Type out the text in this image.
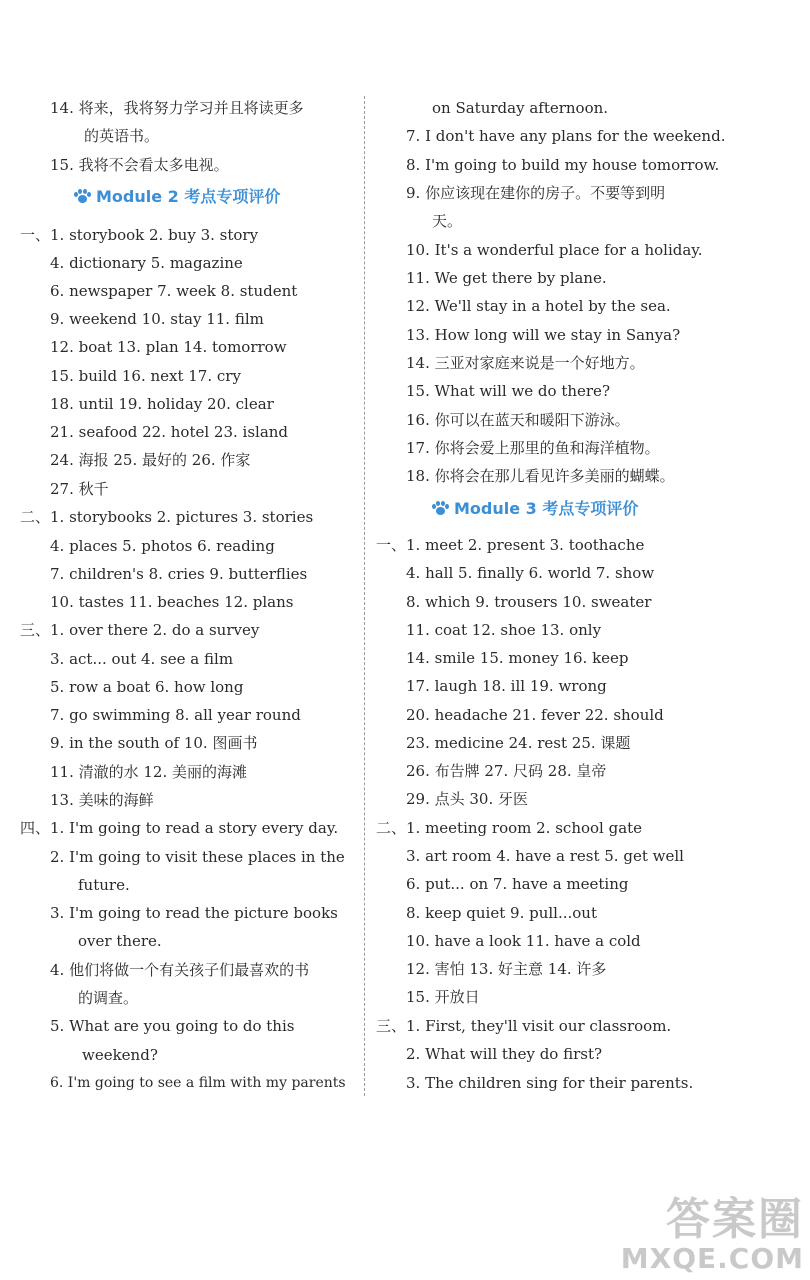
14. 将来，我将努力学习并且将读更多
的英语书。
15. 我将不会看太多电视。
Module 2 考点专项评价
一、1. storybook 2. buy 3. story
4. dictionary 5. magazine
6. newspaper 7. week 8. student
9. weekend 10. stay 11. film
12. boat 13. plan 14. tomorrow
15. build 16. next 17. cry
18. until 19. holiday 20. clear
21. seafood 22. hotel 23. island
24. 海报 25. 最好的 26. 作家
27. 秋千
二、1. storybooks 2. pictures 3. stories
4. places 5. photos 6. reading
7. children's 8. cries 9. butterflies
10. tastes 11. beaches 12. plans
三、1. over there 2. do a survey
3. act... out 4. see a film
5. row a boat 6. how long
7. go swimming 8. all year round
9. in the south of 10. 图画书
11. 清澈的水 12. 美丽的海滩
13. 美味的海鲜
四、1. I'm going to read a story every day.
2. I'm going to visit these places in the
future.
3. I'm going to read the picture books
over there.
4. 他们将做一个有关孩子们最喜欢的书
的调查。
5. What are you going to do this
weekend?
6. I'm going to see a film with my parents
on Saturday afternoon.
7. I don't have any plans for the weekend.
8. I'm going to build my house tomorrow.
9. 你应该现在建你的房子。不要等到明
天。
10. It's a wonderful place for a holiday.
11. We get there by plane.
12. We'll stay in a hotel by the sea.
13. How long will we stay in Sanya?
14. 三亚对家庭来说是一个好地方。
15. What will we do there?
16. 你可以在蓝天和暖阳下游泳。
17. 你将会爱上那里的鱼和海洋植物。
18. 你将会在那儿看见许多美丽的蝴蝶。
Module 3 考点专项评价
一、1. meet 2. present 3. toothache
4. hall 5. finally 6. world 7. show
8. which 9. trousers 10. sweater
11. coat 12. shoe 13. only
14. smile 15. money 16. keep
17. laugh 18. ill 19. wrong
20. headache 21. fever 22. should
23. medicine 24. rest 25. 课题
26. 布告牌 27. 尺码 28. 皇帝
29. 点头 30. 牙医
二、1. meeting room 2. school gate
3. art room 4. have a rest 5. get well
6. put... on 7. have a meeting
8. keep quiet 9. pull...out
10. have a look 11. have a cold
12. 害怕 13. 好主意 14. 许多
15. 开放日
三、1. First, they'll visit our classroom.
2. What will they do first?
3. The children sing for their parents.
答案圈
MXQE.COM
